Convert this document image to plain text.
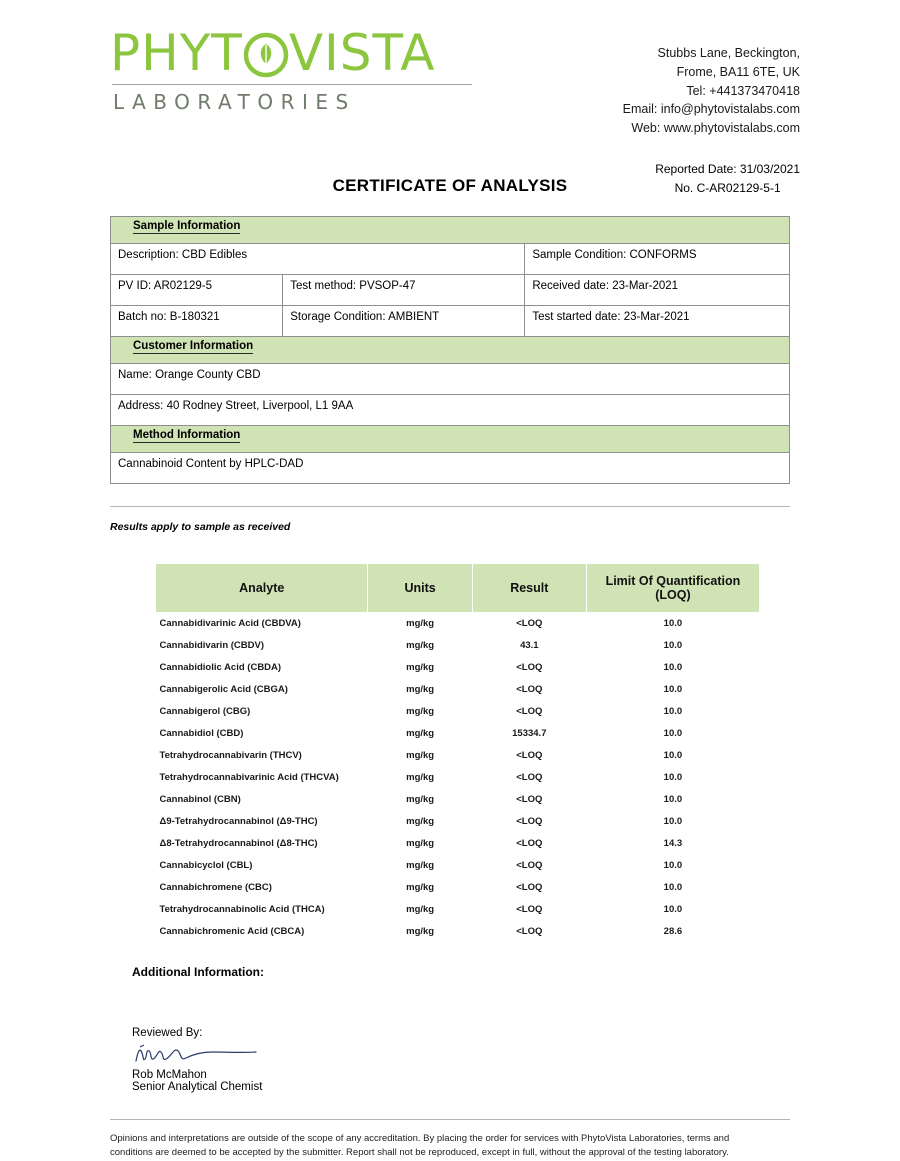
PHYT VISTA
LABORATORIES
Stubbs Lane, Beckington,
Frome, BA11 6TE, UK
Tel: +441373470418
Email: info@phytovistalabs.com
Web: www.phytovistalabs.com
CERTIFICATE OF ANALYSIS
Reported Date: 31/03/2021
No. C-AR02129-5-1
Sample Information		
Description: CBD Edibles		Sample Condition: CONFORMS
PV ID: AR02129-5	Test method: PVSOP-47	Received date: 23-Mar-2021
Batch no: B-180321	Storage Condition: AMBIENT	Test started date: 23-Mar-2021
Customer Information		
Name: Orange County CBD		
Address: 40 Rodney Street, Liverpool, L1 9AA		
Method Information		
Cannabinoid Content by HPLC-DAD		
Results apply to sample as received
Analyte	Units	Result	Limit Of Quantification (LOQ)
Cannabidivarinic Acid (CBDVA)	mg/kg	<LOQ	10.0
Cannabidivarin (CBDV)	mg/kg	43.1	10.0
Cannabidiolic Acid (CBDA)	mg/kg	<LOQ	10.0
Cannabigerolic Acid (CBGA)	mg/kg	<LOQ	10.0
Cannabigerol (CBG)	mg/kg	<LOQ	10.0
Cannabidiol (CBD)	mg/kg	15334.7	10.0
Tetrahydrocannabivarin (THCV)	mg/kg	<LOQ	10.0
Tetrahydrocannabivarinic Acid (THCVA)	mg/kg	<LOQ	10.0
Cannabinol (CBN)	mg/kg	<LOQ	10.0
Δ9-Tetrahydrocannabinol (Δ9-THC)	mg/kg	<LOQ	10.0
Δ8-Tetrahydrocannabinol (Δ8-THC)	mg/kg	<LOQ	14.3
Cannabicyclol (CBL)	mg/kg	<LOQ	10.0
Cannabichromene (CBC)	mg/kg	<LOQ	10.0
Tetrahydrocannabinolic Acid (THCA)	mg/kg	<LOQ	10.0
Cannabichromenic Acid (CBCA)	mg/kg	<LOQ	28.6
Additional Information:
Reviewed By:
Rob McMahon
Senior Analytical Chemist
Opinions and interpretations are outside of the scope of any accreditation. By placing the order for services with PhytoVista Laboratories, terms and conditions are deemed to be accepted by the submitter. Report shall not be reproduced, except in full, without the approval of the testing laboratory.
